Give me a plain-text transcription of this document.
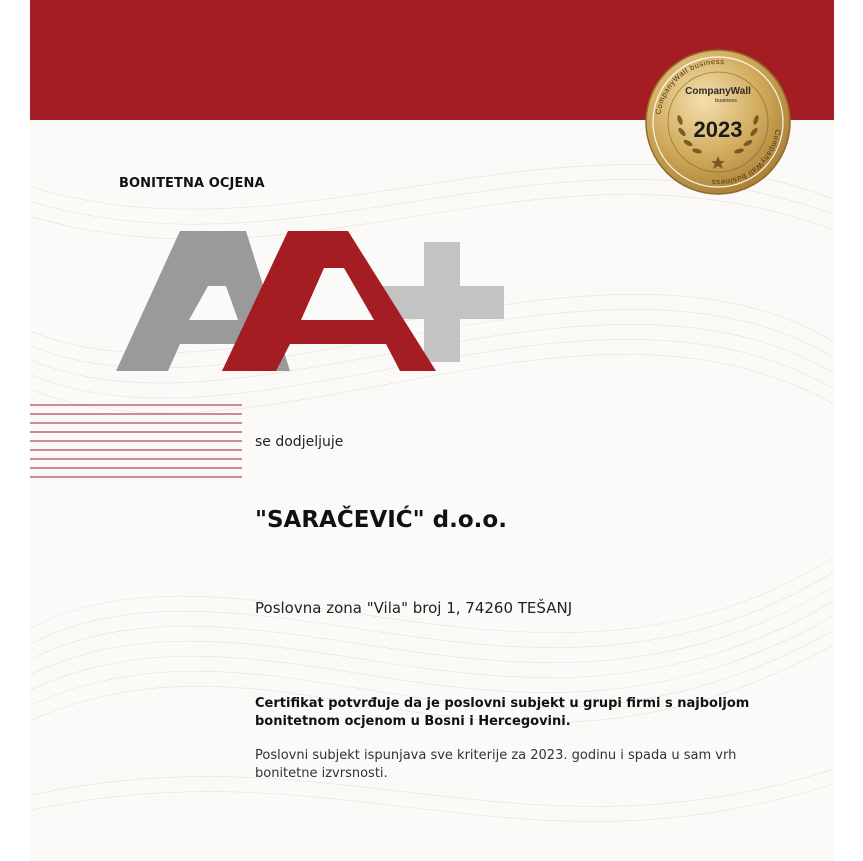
CompanyWall business
CompanyWall business
CompanyWall
business
2023
BONITETNA OCJENA
se dodjeljuje
"SARAČEVIĆ" d.o.o.
Poslovna zona "Vila" broj 1, 74260 TEŠANJ

Certifikat potvrđuje da je poslovni subjekt u grupi firmi s najboljom bonitetnom ocjenom u Bosni i Hercegovini.

Poslovni subjekt ispunjava sve kriterije za 2023. godinu i spada u sam vrh bonitetne izvrsnosti.
